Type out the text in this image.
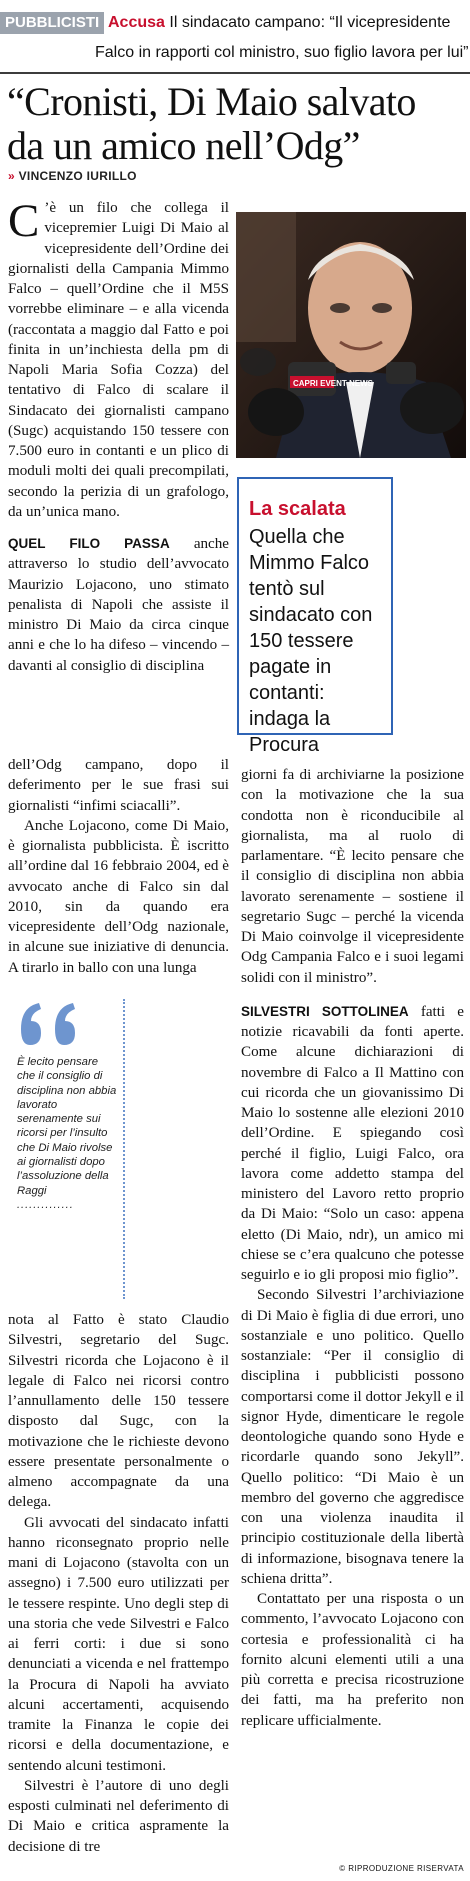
PUBBLICISTI Accusa Il sindacato campano: “Il vicepresidente
Falco in rapporti col ministro, suo figlio lavora per lui”
“Cronisti, Di Maio salvato
da un amico nell’Odg”
» VINCENZO IURILLO

C ’è un filo che collega il vicepremier Luigi Di Maio al vicepresidente dell’Ordine dei giornalisti della Campania Mimmo Falco – quell’Ordine che il M5S vorrebbe eliminare – e alla vicenda (raccontata a maggio dal Fatto e poi finita in un’inchiesta della pm di Napoli Maria Sofia Cozza) del tentativo di Falco di scalare il Sindacato dei giornalisti campano (Sugc) acquistando 150 tessere con 7.500 euro in contanti e un plico di moduli molti dei quali precompilati, secondo la perizia di un grafologo, da un’unica mano.

QUEL FILO PASSA anche attraverso lo studio dell’avvocato Maurizio Lojacono, uno stimato penalista di Napoli che assiste il ministro Di Maio da circa cinque anni e che lo ha difeso – vincendo – davanti al consiglio di disciplina

dell’Odg campano, dopo il deferimento per le sue frasi sui giornalisti “infimi sciacalli”.

Anche Lojacono, come Di Maio, è giornalista pubblicista. È iscritto all’ordine dal 16 febbraio 2004, ed è avvocato anche di Falco sin dal 2010, sin da quando era vicepresidente dell’Odg nazionale, in alcune sue iniziative di denuncia. A tirarlo in ballo con una lunga

nota al Fatto è stato Claudio Silvestri, segretario del Sugc. Silvestri ricorda che Lojacono è il legale di Falco nei ricorsi contro l’annullamento delle 150 tessere disposto dal Sugc, con la motivazione che le richieste devono essere presentate personalmente o almeno accompagnate da una delega.

Gli avvocati del sindacato infatti hanno riconsegnato proprio nelle mani di Lojacono (stavolta con un assegno) i 7.500 euro utilizzati per le tessere respinte. Uno degli step di una storia che vede Silvestri e Falco ai ferri corti: i due si sono denunciati a vicenda e nel frattempo la Procura di Napoli ha avviato alcuni accertamenti, acquisendo tramite la Finanza le copie dei ricorsi e della documentazione, e sentendo alcuni testimoni.

Silvestri è l’autore di uno degli esposti culminati nel deferimento di Di Maio e critica aspramente la decisione di tre

giorni fa di archiviarne la posizione con la motivazione che la sua condotta non è riconducibile al giornalista, ma al ruolo di parlamentare. “È lecito pensare che il consiglio di disciplina non abbia lavorato serenamente – sostiene il segretario Sugc – perché la vicenda Di Maio coinvolge il vicepresidente Odg Campania Falco e i suoi legami solidi con il ministro”.

SILVESTRI SOTTOLINEA fatti e notizie ricavabili da fonti aperte. Come alcune dichiarazioni di novembre di Falco a Il Mattino con cui ricorda che un giovanissimo Di Maio lo sostenne alle elezioni 2010 dell’Ordine. E spiegando così perché il figlio, Luigi Falco, ora lavora come addetto stampa del ministero del Lavoro retto proprio da Di Maio: “Solo un caso: appena eletto (Di Maio, ndr), un amico mi chiese se c’era qualcuno che potesse seguirlo e io gli proposi mio figlio”.

Secondo Silvestri l’archiviazione di Di Maio è figlia di due errori, uno sostanziale e uno politico. Quello sostanziale: “Per il consiglio di disciplina i pubblicisti possono comportarsi come il dottor Jekyll e il signor Hyde, dimenticare le regole deontologiche quando sono Hyde e ricordarle quando sono Jekyll”. Quello politico: “Di Maio è un membro del governo che aggredisce con una violenza inaudita il principio costituzionale della libertà di informazione, bisognava tenere la schiena dritta”.

Contattato per una risposta o un commento, l’avvocato Lojacono con cortesia e professionalità ci ha fornito alcuni elementi utili a una più corretta e precisa ricostruzione dei fatti, ma ha preferito non replicare ufficialmente.

CAPRI EVENT NEWS
La scalata
Quella che Mimmo Falco tentò sul sindacato con 150 tessere pagate in contanti: indaga la Procura
È lecito pensare che il consiglio di disciplina non abbia lavorato serenamente sui ricorsi per l’insulto che Di Maio rivolse ai giornalisti dopo l’assoluzione della Raggi
..............
© RIPRODUZIONE RISERVATA
